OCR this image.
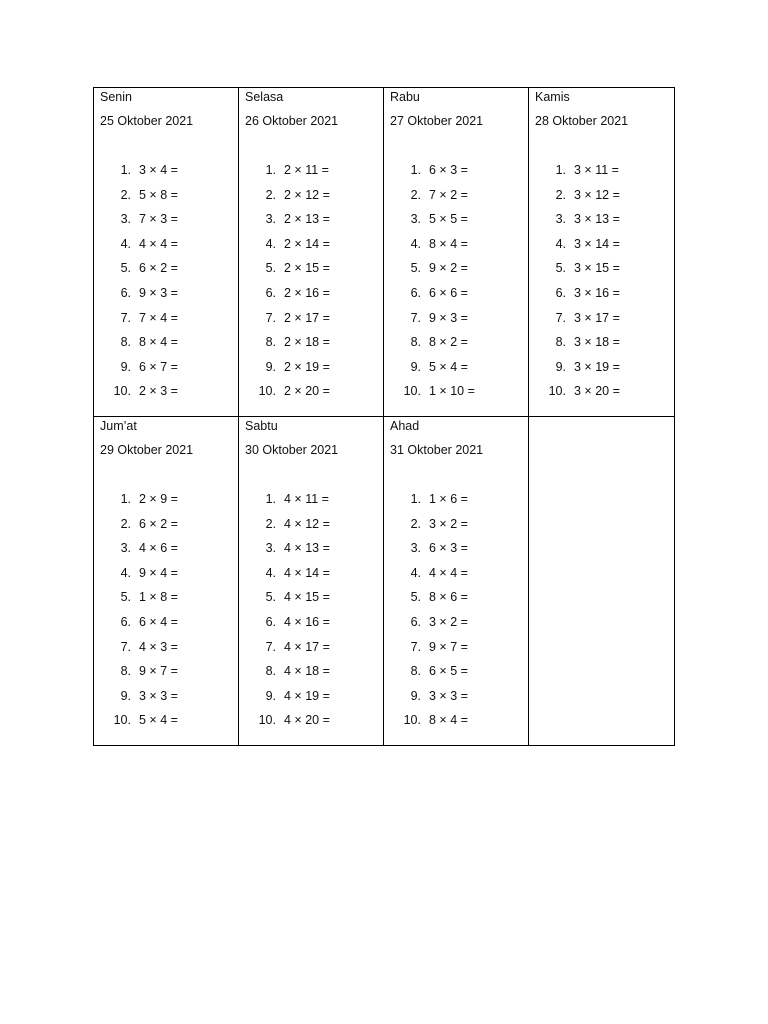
Senin
25 Oktober 2021
1. 3 × 4 =
2. 5 × 8 =
3. 7 × 3 =
4. 4 × 4 =
5. 6 × 2 =
6. 9 × 3 =
7. 7 × 4 =
8. 8 × 4 =
9. 6 × 7 =
10. 2 × 3 =
Selasa
26 Oktober 2021
1. 2 × 11 =
2. 2 × 12 =
3. 2 × 13 =
4. 2 × 14 =
5. 2 × 15 =
6. 2 × 16 =
7. 2 × 17 =
8. 2 × 18 =
9. 2 × 19 =
10. 2 × 20 =
Rabu
27 Oktober 2021
1. 6 × 3 =
2. 7 × 2 =
3. 5 × 5 =
4. 8 × 4 =
5. 9 × 2 =
6. 6 × 6 =
7. 9 × 3 =
8. 8 × 2 =
9. 5 × 4 =
10. 1 × 10 =
Kamis
28 Oktober 2021
1. 3 × 11 =
2. 3 × 12 =
3. 3 × 13 =
4. 3 × 14 =
5. 3 × 15 =
6. 3 × 16 =
7. 3 × 17 =
8. 3 × 18 =
9. 3 × 19 =
10. 3 × 20 =
Jum’at
29 Oktober 2021
1. 2 × 9 =
2. 6 × 2 =
3. 4 × 6 =
4. 9 × 4 =
5. 1 × 8 =
6. 6 × 4 =
7. 4 × 3 =
8. 9 × 7 =
9. 3 × 3 =
10. 5 × 4 =
Sabtu
30 Oktober 2021
1. 4 × 11 =
2. 4 × 12 =
3. 4 × 13 =
4. 4 × 14 =
5. 4 × 15 =
6. 4 × 16 =
7. 4 × 17 =
8. 4 × 18 =
9. 4 × 19 =
10. 4 × 20 =
Ahad
31 Oktober 2021
1. 1 × 6 =
2. 3 × 2 =
3. 6 × 3 =
4. 4 × 4 =
5. 8 × 6 =
6. 3 × 2 =
7. 9 × 7 =
8. 6 × 5 =
9. 3 × 3 =
10. 8 × 4 =
